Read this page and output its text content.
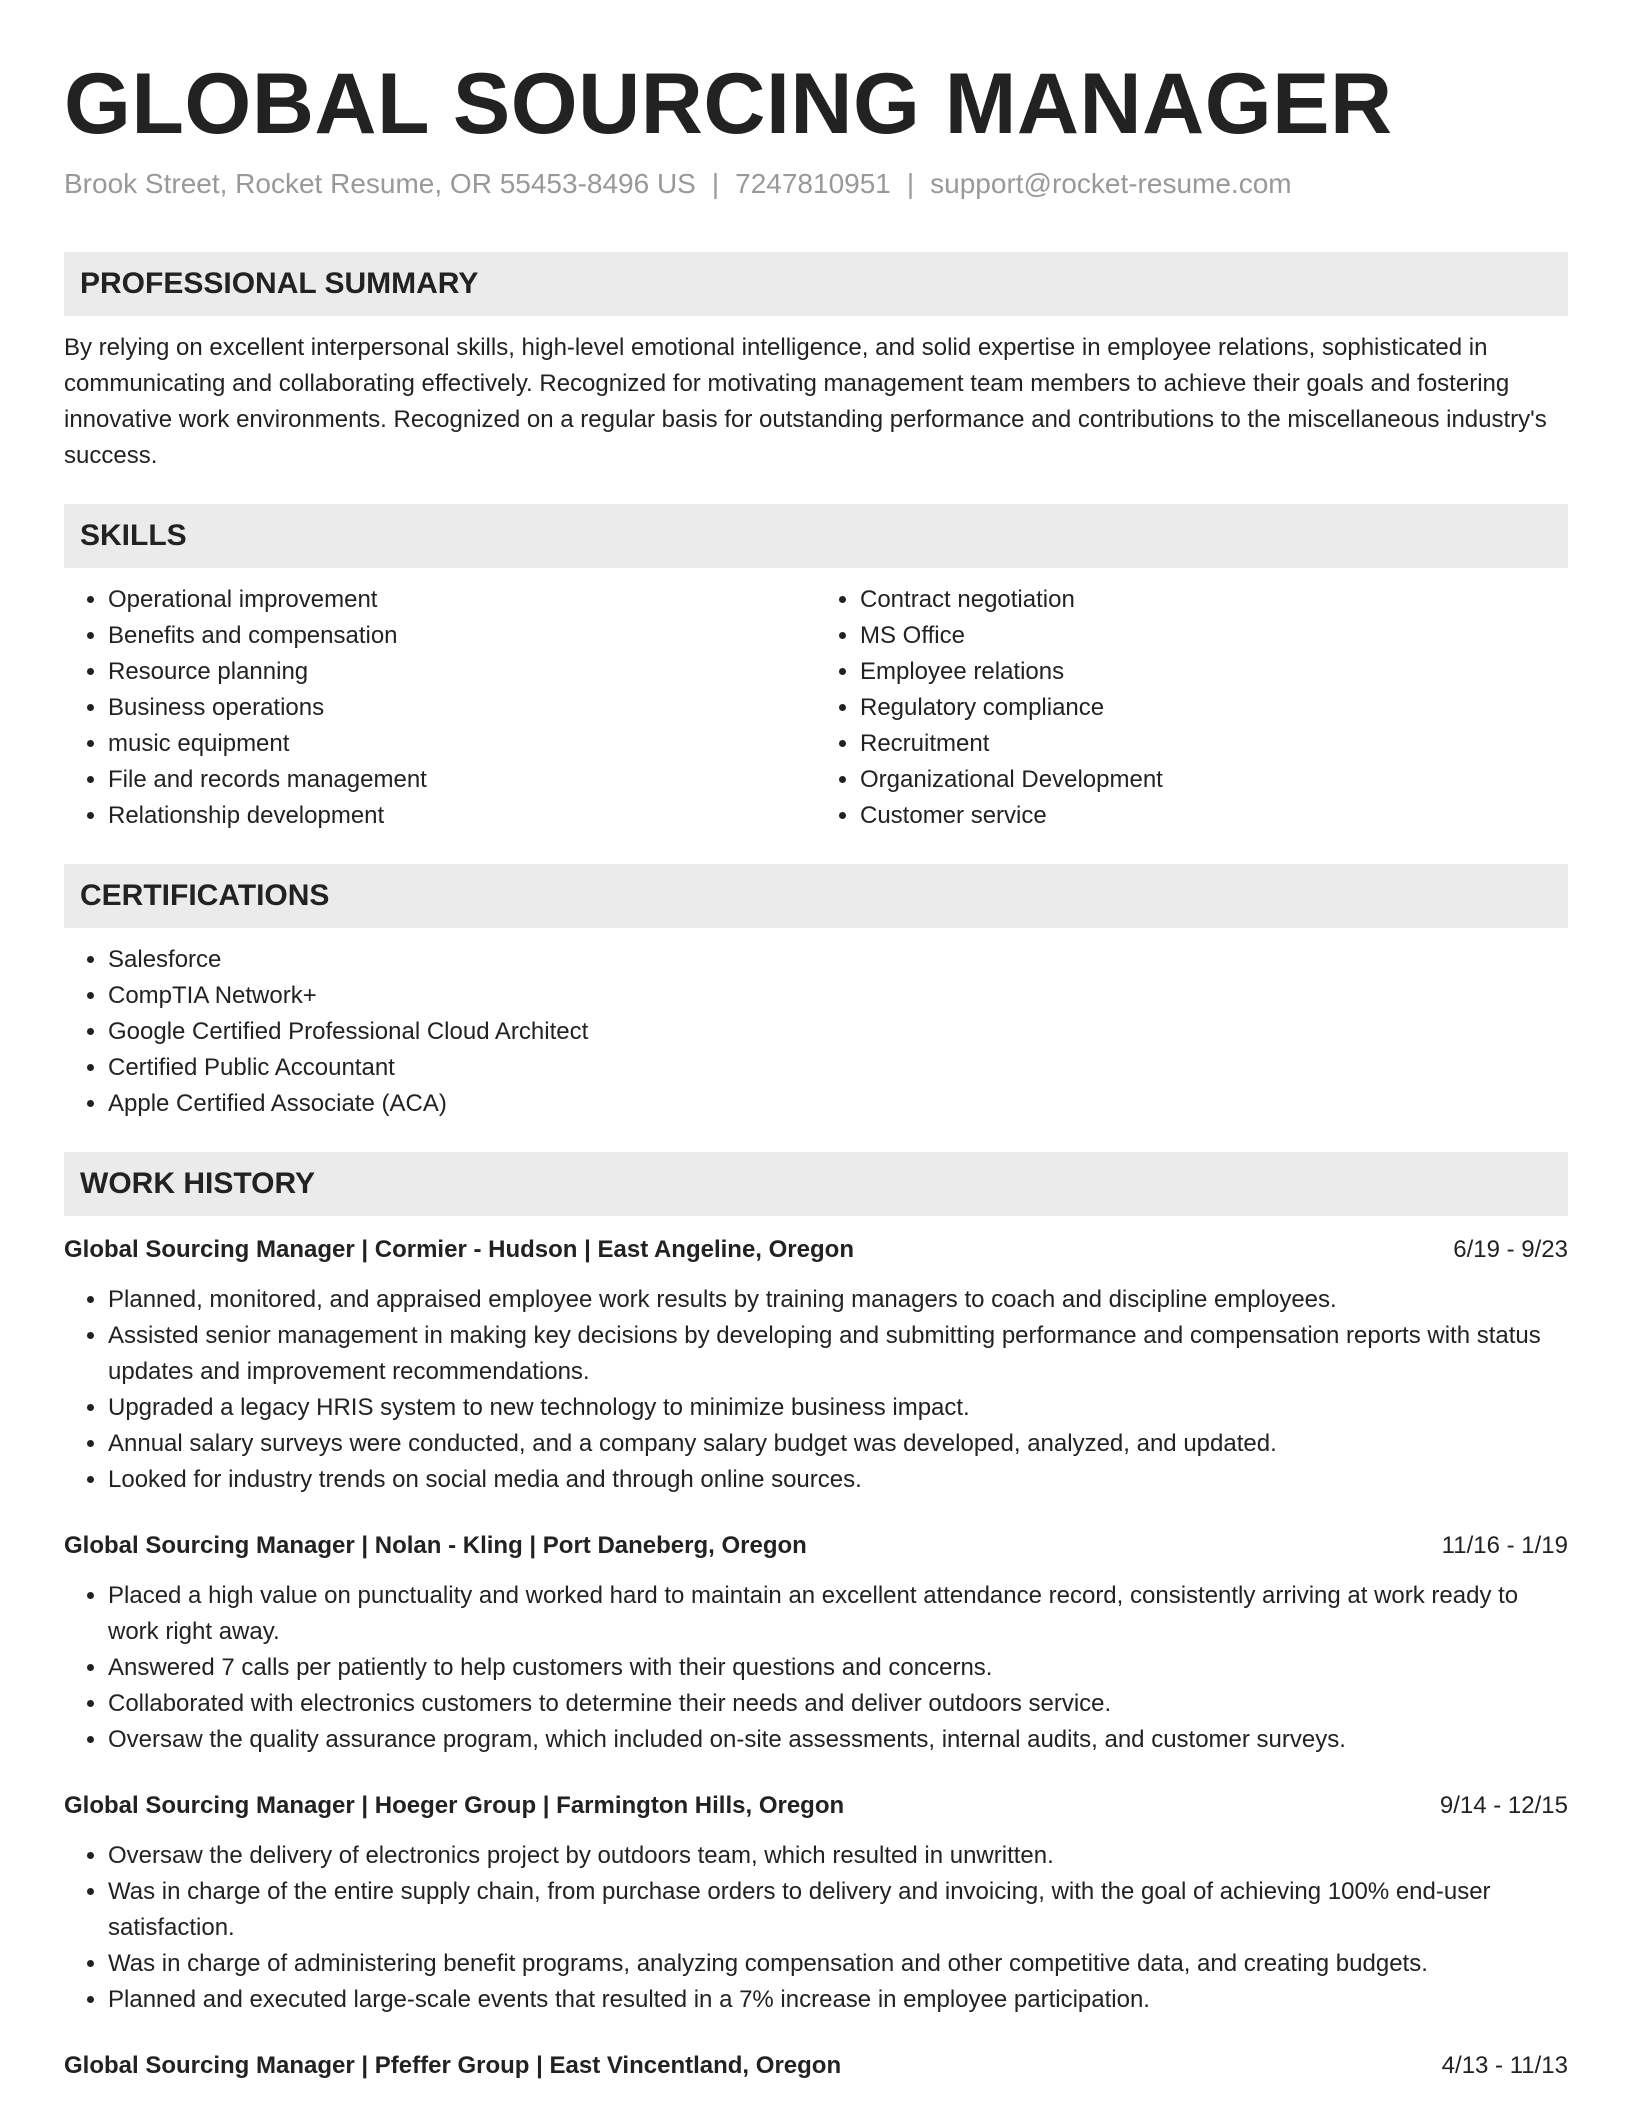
GLOBAL SOURCING MANAGER
Brook Street, Rocket Resume, OR 55453-8496 US | 7247810951 | support@rocket-resume.com
PROFESSIONAL SUMMARY
By relying on excellent interpersonal skills, high-level emotional intelligence, and solid expertise in employee relations, sophisticated in communicating and collaborating effectively. Recognized for motivating management team members to achieve their goals and fostering innovative work environments. Recognized on a regular basis for outstanding performance and contributions to the miscellaneous industry's success.
SKILLS
• Operational improvement
• Benefits and compensation
• Resource planning
• Business operations
• music equipment
• File and records management
• Relationship development
• Contract negotiation
• MS Office
• Employee relations
• Regulatory compliance
• Recruitment
• Organizational Development
• Customer service
CERTIFICATIONS
• Salesforce
• CompTIA Network+
• Google Certified Professional Cloud Architect
• Certified Public Accountant
• Apple Certified Associate (ACA)
WORK HISTORY
Global Sourcing Manager | Cormier - Hudson | East Angeline, Oregon	6/19 - 9/23
• Planned, monitored, and appraised employee work results by training managers to coach and discipline employees.
• Assisted senior management in making key decisions by developing and submitting performance and compensation reports with status updates and improvement recommendations.
• Upgraded a legacy HRIS system to new technology to minimize business impact.
• Annual salary surveys were conducted, and a company salary budget was developed, analyzed, and updated.
• Looked for industry trends on social media and through online sources.
Global Sourcing Manager | Nolan - Kling | Port Daneberg, Oregon	11/16 - 1/19
• Placed a high value on punctuality and worked hard to maintain an excellent attendance record, consistently arriving at work ready to work right away.
• Answered 7 calls per patiently to help customers with their questions and concerns.
• Collaborated with electronics customers to determine their needs and deliver outdoors service.
• Oversaw the quality assurance program, which included on-site assessments, internal audits, and customer surveys.
Global Sourcing Manager | Hoeger Group | Farmington Hills, Oregon	9/14 - 12/15
• Oversaw the delivery of electronics project by outdoors team, which resulted in unwritten.
• Was in charge of the entire supply chain, from purchase orders to delivery and invoicing, with the goal of achieving 100% end-user satisfaction.
• Was in charge of administering benefit programs, analyzing compensation and other competitive data, and creating budgets.
• Planned and executed large-scale events that resulted in a 7% increase in employee participation.
Global Sourcing Manager | Pfeffer Group | East Vincentland, Oregon	4/13 - 11/13
